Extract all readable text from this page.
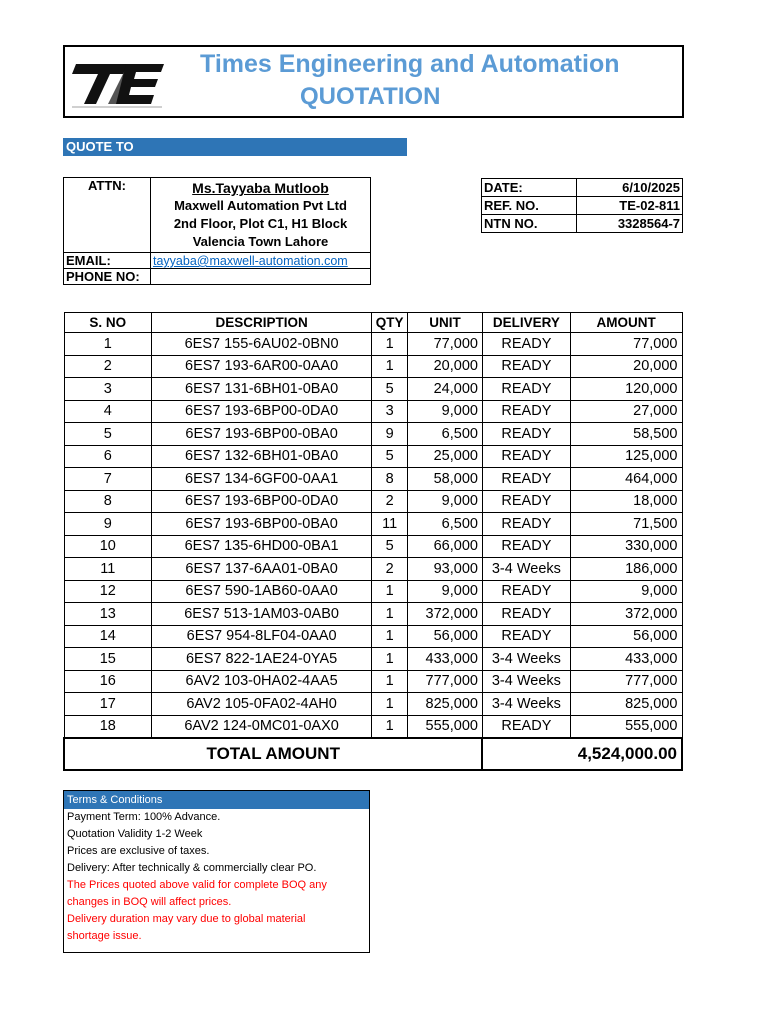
Times Engineering and Automation
QUOTATION
QUOTE TO
ATTN:	Ms.Tayyaba Mutloob
Maxwell Automation Pvt Ltd
2nd Floor, Plot C1, H1 Block
Valencia Town Lahore

EMAIL:	tayyaba@maxwell-automation.com
PHONE NO:	
DATE:	6/10/2025
REF. NO.	TE-02-811
NTN NO.	3328564-7
S. NO	DESCRIPTION	QTY	UNIT	DELIVERY	AMOUNT
1	6ES7 155-6AU02-0BN0	1	77,000	READY	77,000
2	6ES7 193-6AR00-0AA0	1	20,000	READY	20,000
3	6ES7 131-6BH01-0BA0	5	24,000	READY	120,000
4	6ES7 193-6BP00-0DA0	3	9,000	READY	27,000
5	6ES7 193-6BP00-0BA0	9	6,500	READY	58,500
6	6ES7 132-6BH01-0BA0	5	25,000	READY	125,000
7	6ES7 134-6GF00-0AA1	8	58,000	READY	464,000
8	6ES7 193-6BP00-0DA0	2	9,000	READY	18,000
9	6ES7 193-6BP00-0BA0	11	6,500	READY	71,500
10	6ES7 135-6HD00-0BA1	5	66,000	READY	330,000
11	6ES7 137-6AA01-0BA0	2	93,000	3-4 Weeks	186,000
12	6ES7 590-1AB60-0AA0	1	9,000	READY	9,000
13	6ES7 513-1AM03-0AB0	1	372,000	READY	372,000
14	6ES7 954-8LF04-0AA0	1	56,000	READY	56,000
15	6ES7 822-1AE24-0YA5	1	433,000	3-4 Weeks	433,000
16	6AV2 103-0HA02-4AA5	1	777,000	3-4 Weeks	777,000
17	6AV2 105-0FA02-4AH0	1	825,000	3-4 Weeks	825,000
18	6AV2 124-0MC01-0AX0	1	555,000	READY	555,000
TOTAL AMOUNT				4,524,000.00	
Terms & Conditions
Payment Term: 100% Advance.
Quotation Validity 1-2 Week
Prices are exclusive of taxes.
Delivery: After technically & commercially clear PO.
The Prices quoted above valid for complete BOQ any
changes in BOQ will affect prices.
Delivery duration may vary due to global material
shortage issue.
